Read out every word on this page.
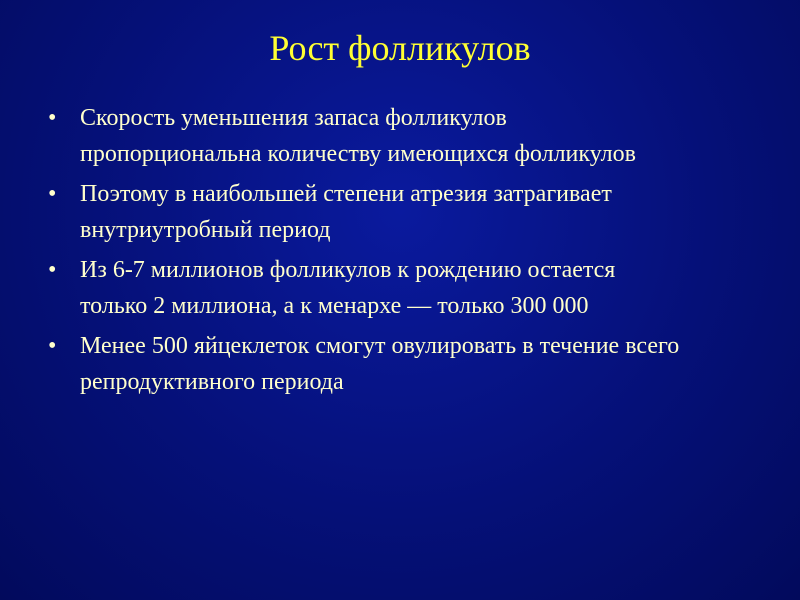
Рост фолликулов
• Скорость уменьшения запаса фолликулов пропорциональна количеству имеющихся фолликулов
• Поэтому в наибольшей степени атрезия затрагивает внутриутробный период
• Из 6-7 миллионов фолликулов к рождению остается только 2 миллиона, а к менархе — только 300 000
• Менее 500 яйцеклеток смогут овулировать в течение всего репродуктивного периода
